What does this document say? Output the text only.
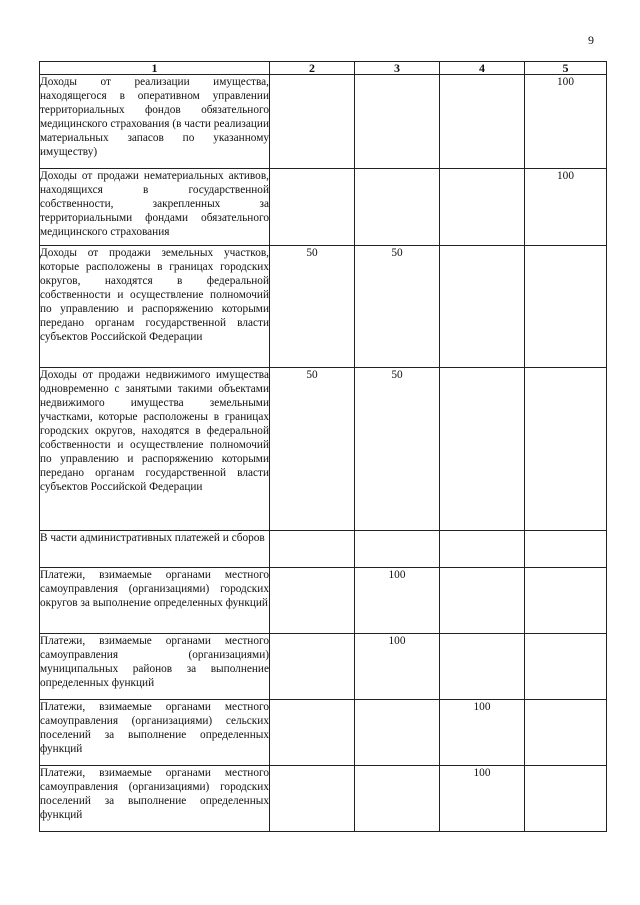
9
1	2	3	4	5
Доходы от реализации имущества, находящегося в оперативном управлении территориальных фондов обязательного медицинского страхования (в части реализации материальных запасов по указанному имуществу)				100
Доходы от продажи нематериальных активов, находящихся в государственной собственности, закрепленных за территориальными фондами обязательного медицинского страхования				100
Доходы от продажи земельных участков, которые расположены в границах городских округов, находятся в федеральной собственности и осуществление полномочий по управлению и распоряжению которыми передано органам государственной власти субъектов Российской Федерации	50	50		
Доходы от продажи недвижимого имущества одновременно с занятыми такими объектами недвижимого имущества земельными участками, которые расположены в границах городских округов, находятся в федеральной собственности и осуществление полномочий по управлению и распоряжению которыми передано органам государственной власти субъектов Российской Федерации	50	50		
В части административных платежей и сборов				
Платежи, взимаемые органами местного самоуправления (организациями) городских округов за выполнение определенных функций		100		
Платежи, взимаемые органами местного самоуправления (организациями) муниципальных районов за выполнение определенных функций		100		
Платежи, взимаемые органами местного самоуправления (организациями) сельских поселений за выполнение определенных функций			100	
Платежи, взимаемые органами местного самоуправления (организациями) городских поселений за выполнение определенных функций			100	
